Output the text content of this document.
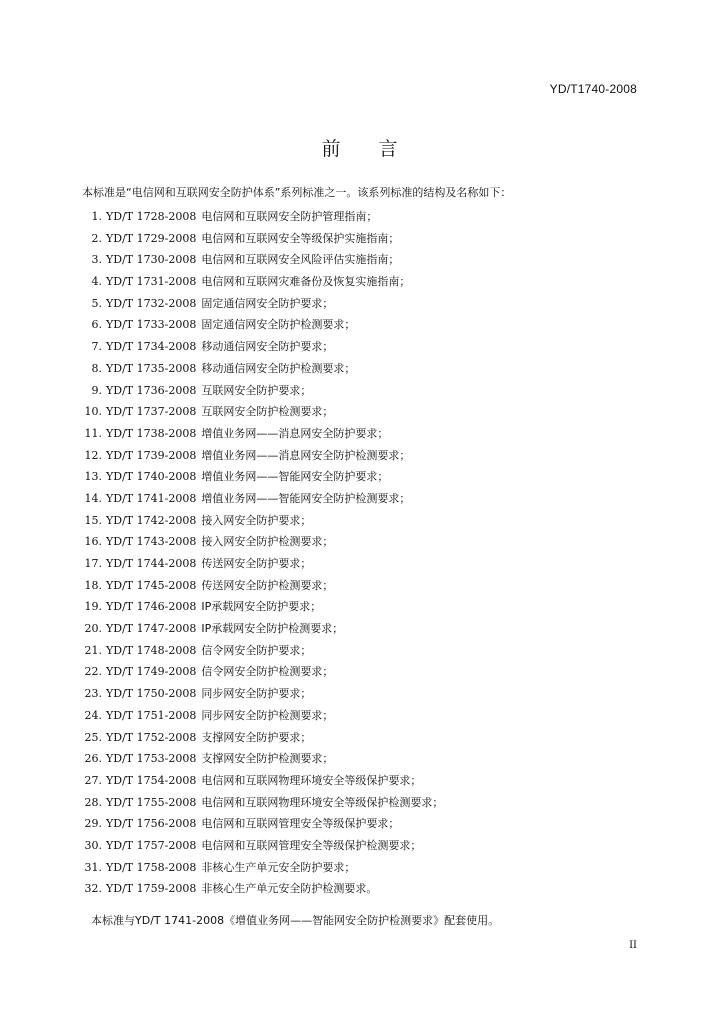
YD/T1740-2008
前　　言

本标准是“电信网和互联网安全防护体系”系列标准之一。该系列标准的结构及名称如下：

1. YD/T 1728-2008 电信网和互联网安全防护管理指南；
2. YD/T 1729-2008 电信网和互联网安全等级保护实施指南；
3. YD/T 1730-2008 电信网和互联网安全风险评估实施指南；
4. YD/T 1731-2008 电信网和互联网灾难备份及恢复实施指南；
5. YD/T 1732-2008 固定通信网安全防护要求；
6. YD/T 1733-2008 固定通信网安全防护检测要求；
7. YD/T 1734-2008 移动通信网安全防护要求；
8. YD/T 1735-2008 移动通信网安全防护检测要求；
9. YD/T 1736-2008 互联网安全防护要求；
10. YD/T 1737-2008 互联网安全防护检测要求；
11. YD/T 1738-2008 增值业务网——消息网安全防护要求；
12. YD/T 1739-2008 增值业务网——消息网安全防护检测要求；
13. YD/T 1740-2008 增值业务网——智能网安全防护要求；
14. YD/T 1741-2008 增值业务网——智能网安全防护检测要求；
15. YD/T 1742-2008 接入网安全防护要求；
16. YD/T 1743-2008 接入网安全防护检测要求；
17. YD/T 1744-2008 传送网安全防护要求；
18. YD/T 1745-2008 传送网安全防护检测要求；
19. YD/T 1746-2008 IP承载网安全防护要求；
20. YD/T 1747-2008 IP承载网安全防护检测要求；
21. YD/T 1748-2008 信令网安全防护要求；
22. YD/T 1749-2008 信令网安全防护检测要求；
23. YD/T 1750-2008 同步网安全防护要求；
24. YD/T 1751-2008 同步网安全防护检测要求；
25. YD/T 1752-2008 支撑网安全防护要求；
26. YD/T 1753-2008 支撑网安全防护检测要求；
27. YD/T 1754-2008 电信网和互联网物理环境安全等级保护要求；
28. YD/T 1755-2008 电信网和互联网物理环境安全等级保护检测要求；
29. YD/T 1756-2008 电信网和互联网管理安全等级保护要求；
30. YD/T 1757-2008 电信网和互联网管理安全等级保护检测要求；
31. YD/T 1758-2008 非核心生产单元安全防护要求；
32. YD/T 1759-2008 非核心生产单元安全防护检测要求。

本标准与YD/T 1741-2008《增值业务网——智能网安全防护检测要求》配套使用。

II
